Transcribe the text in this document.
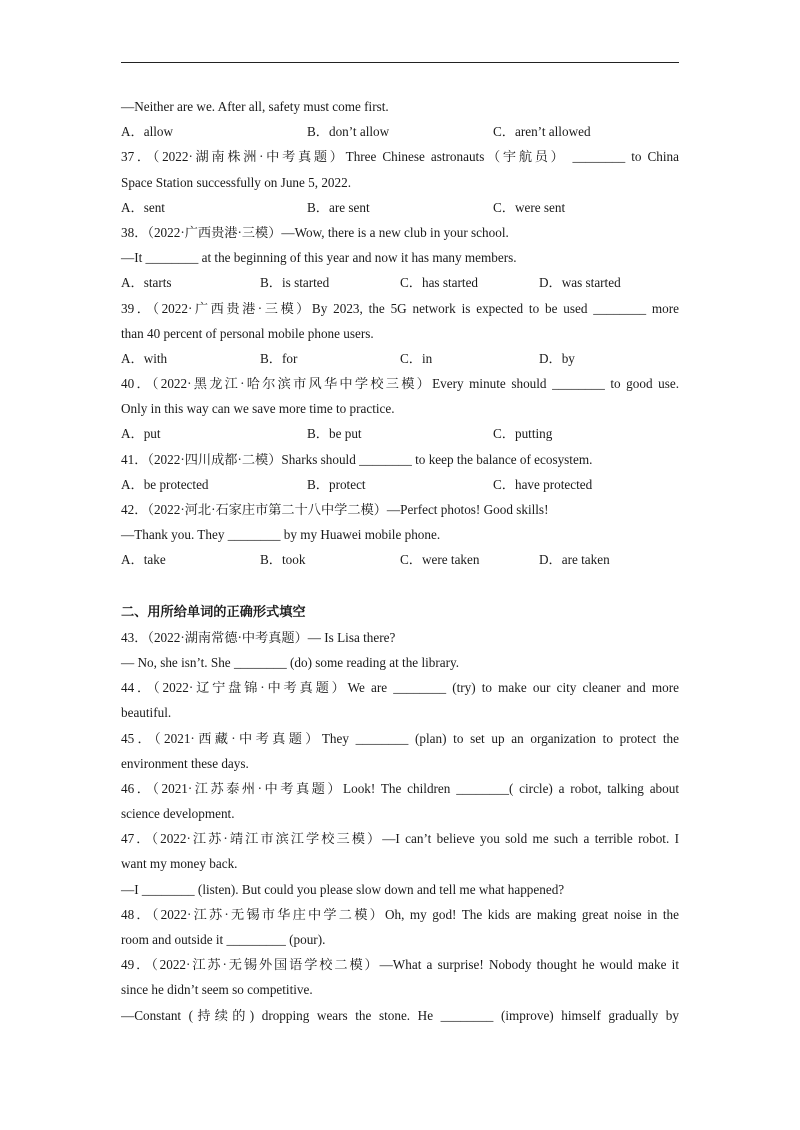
—Neither are we. After all, safety must come first.
A．allow	B．don’t allow	C．aren’t allowed
37．（2022·湖南株洲·中考真题）Three Chinese astronauts（宇航员） ________ to China
Space Station successfully on June 5, 2022.
A．sent	B．are sent	C．were sent
38．（2022·广西贵港·三模）—Wow, there is a new club in your school.
—It ________ at the beginning of this year and now it has many members.
A．starts	B．is started	C．has started	D．was started
39．（2022·广西贵港·三模）By 2023, the 5G network is expected to be used ________ more
than 40 percent of personal mobile phone users.
A．with	B．for	C．in	D．by
40．（2022·黑龙江·哈尔滨市风华中学校三模）Every minute should ________ to good use.
Only in this way can we save more time to practice.
A．put	B．be put	C．putting
41．（2022·四川成都·二模）Sharks should ________ to keep the balance of ecosystem.
A．be protected	B．protect	C．have protected
42．（2022·河北·石家庄市第二十八中学二模）—Perfect photos! Good skills!
—Thank you. They ________ by my Huawei mobile phone.
A．take	B．took	C．were taken	D．are taken
二、用所给单词的正确形式填空
43．（2022·湖南常德·中考真题）— Is Lisa there?
— No, she isn’t. She ________ (do) some reading at the library.
44．（2022·辽宁盘锦·中考真题）We are ________ (try) to make our city cleaner and more
beautiful.
45．（2021·西藏·中考真题）They ________ (plan) to set up an organization to protect the
environment these days.
46．（2021·江苏泰州·中考真题）Look! The children ________( circle) a robot, talking about
science development.
47．（2022·江苏·靖江市滨江学校三模）—I can’t believe you sold me such a terrible robot. I
want my money back.
—I ________ (listen). But could you please slow down and tell me what happened?
48．（2022·江苏·无锡市华庄中学二模）Oh, my god! The kids are making great noise in the
room and outside it _________ (pour).
49．（2022·江苏·无锡外国语学校二模）—What a surprise! Nobody thought he would make it
since he didn’t seem so competitive.
—Constant (持续的) dropping wears the stone. He ________ (improve) himself gradually by
